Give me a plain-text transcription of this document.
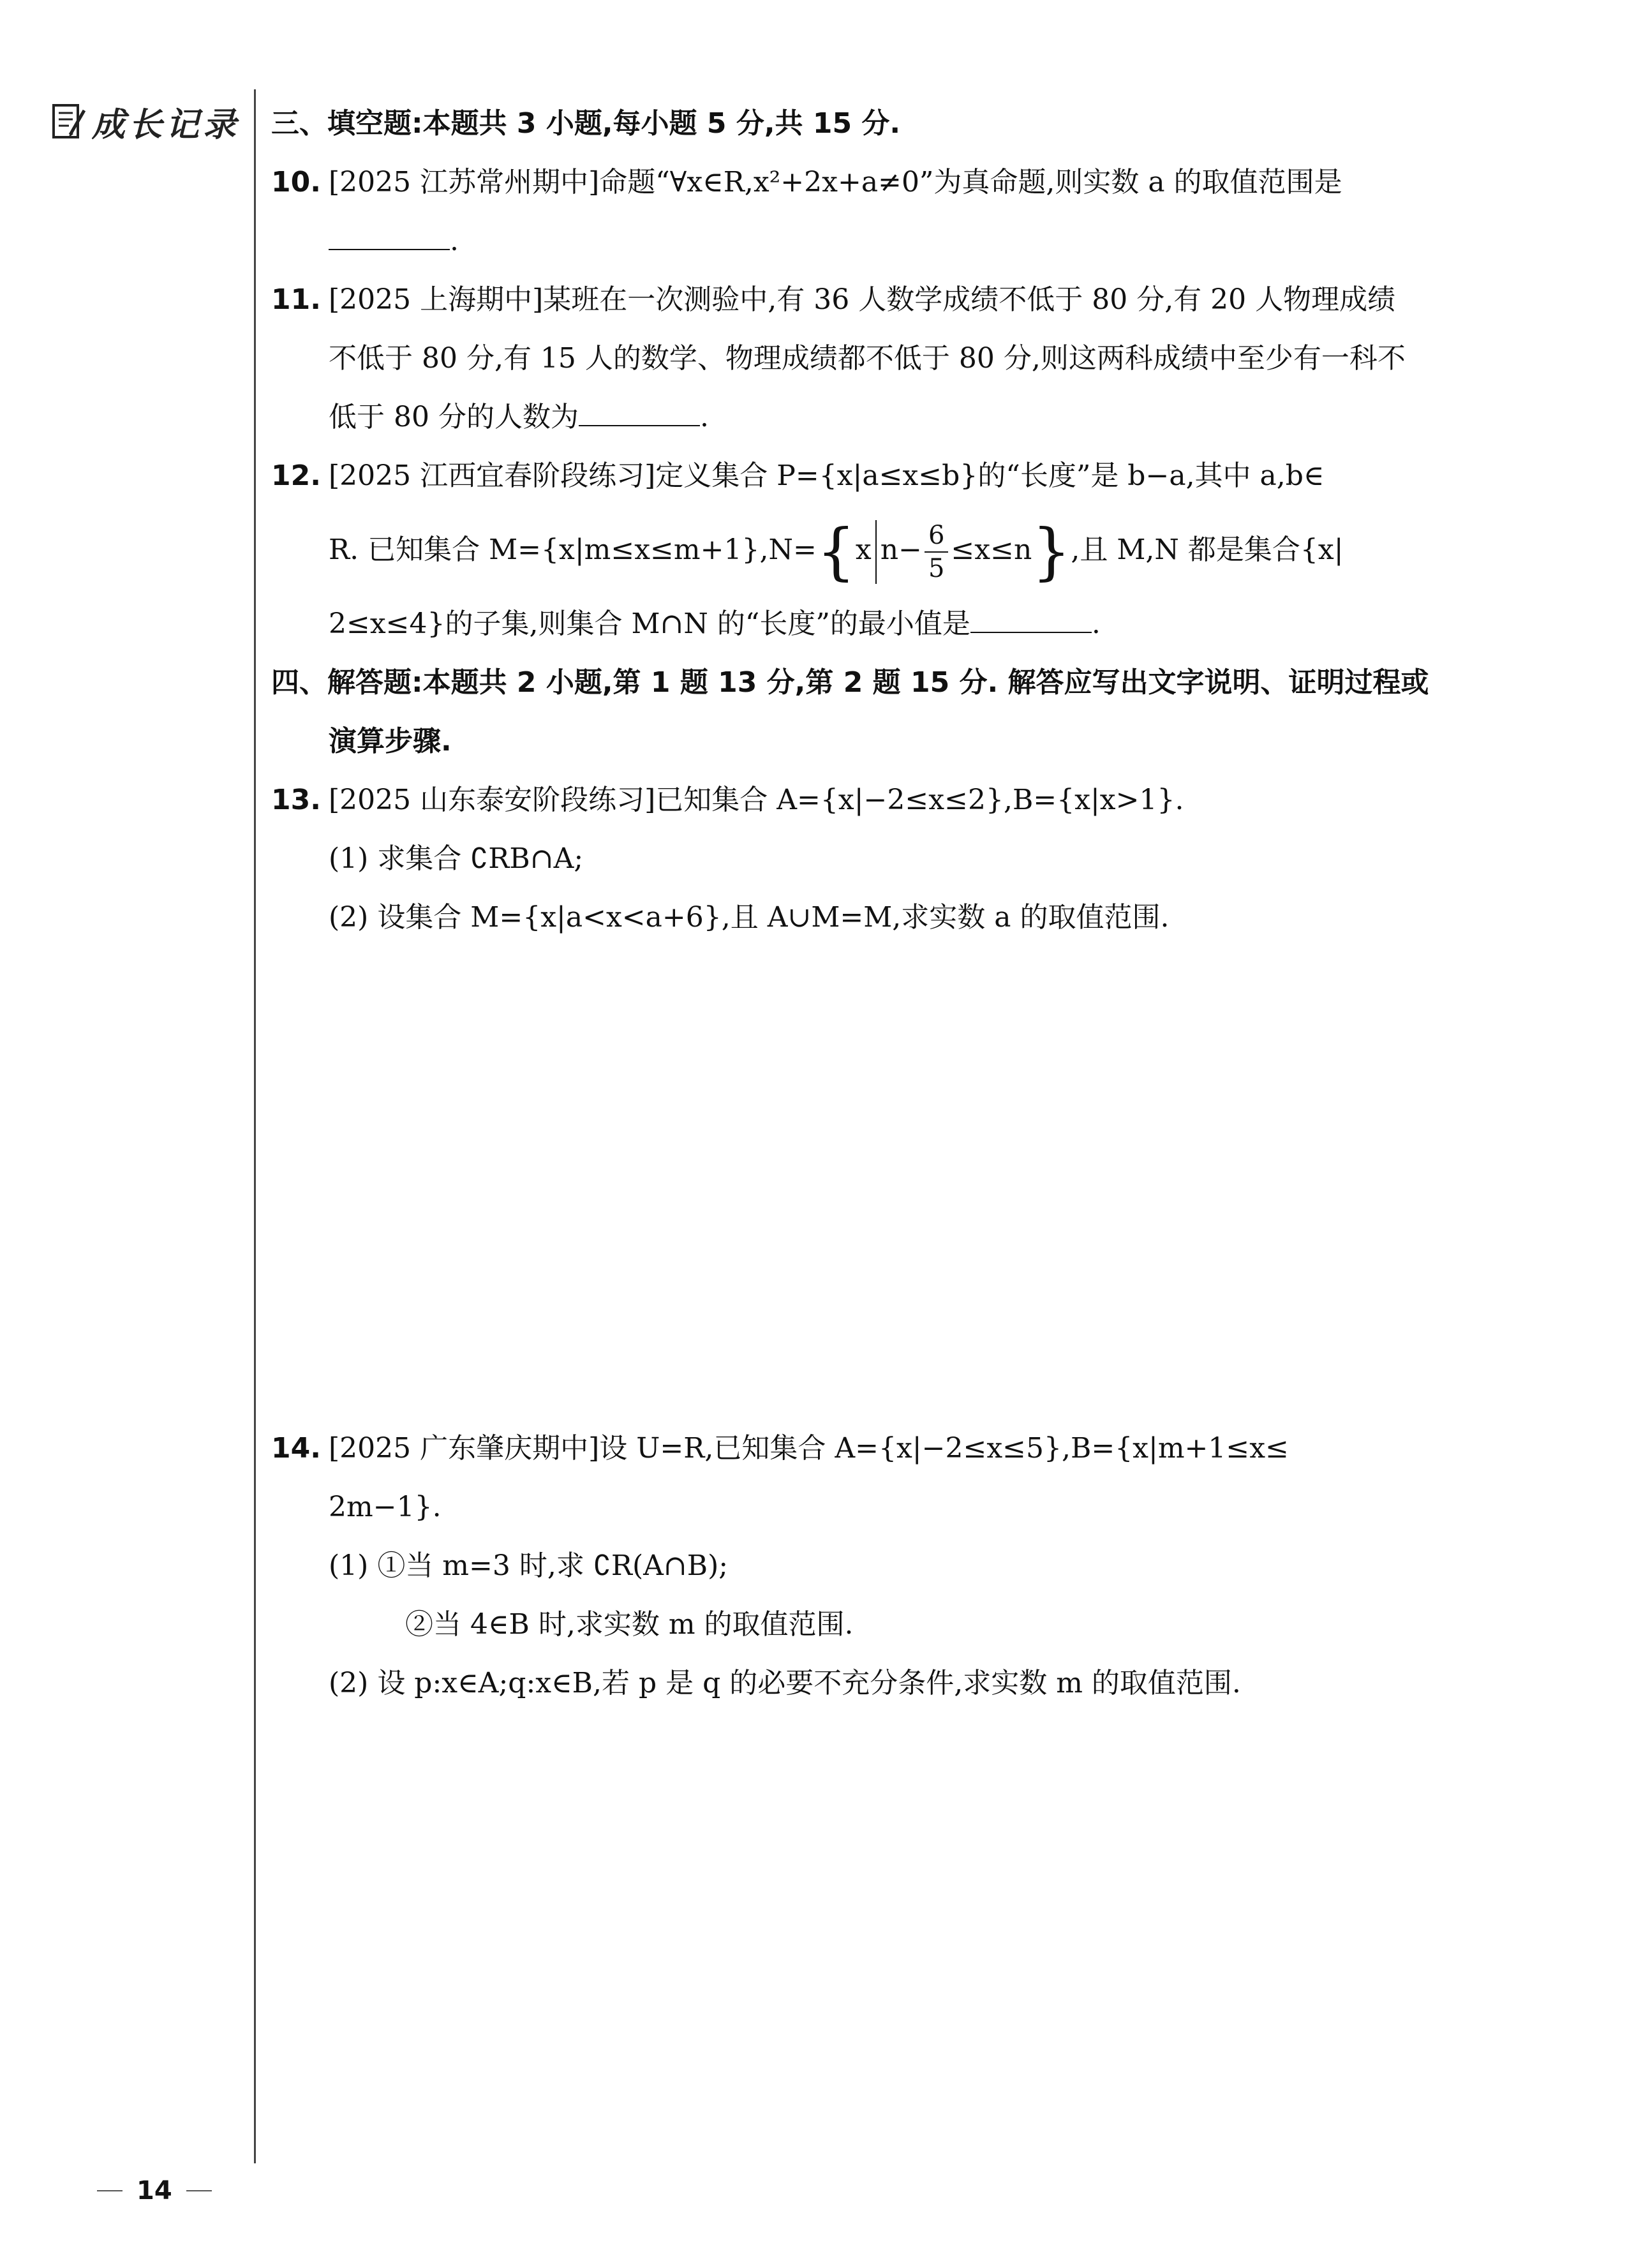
成长记录 三、填空题:本题共 3 小题,每小题 5 分,共 15 分.
10. [2025 江苏常州期中]命题“∀x∈R,x²+2x+a≠0”为真命题,则实数 a 的取值范围是
.
11. [2025 上海期中]某班在一次测验中,有 36 人数学成绩不低于 80 分,有 20 人物理成绩
不低于 80 分,有 15 人的数学、物理成绩都不低于 80 分,则这两科成绩中至少有一科不
低于 80 分的人数为	.
12. [2025 江西宜春阶段练习]定义集合 P={x|a≤x≤b}的“长度”是 b−a,其中 a,b∈
R. 已知集合 M={x|m≤x≤m+1},N={x $n- \frac{6}{5} \le x\le n$},且 M,N 都是集合{x|
2≤x≤4}的子集,则集合 M∩N 的“长度”的最小值是	.
四、解答题:本题共 2 小题,第 1 题 13 分,第 2 题 15 分. 解答应写出文字说明、证明过程或
演算步骤.
13. [2025 山东泰安阶段练习]已知集合 A={x|−2≤x≤2},B={x|x>1}.
(1) 求集合 ∁RB∩A;
(2) 设集合 M={x|a<x<a+6},且 A∪M=M,求实数 a 的取值范围.
14. [2025 广东肇庆期中]设 U=R,已知集合 A={x|−2≤x≤5},B={x|m+1≤x≤
2m−1}.
(1) ①当 m=3 时,求 ∁R(A∩B);
②当 4∈B 时,求实数 m 的取值范围.
(2) 设 p:x∈A;q:x∈B,若 p 是 q 的必要不充分条件,求实数 m 的取值范围.
14
